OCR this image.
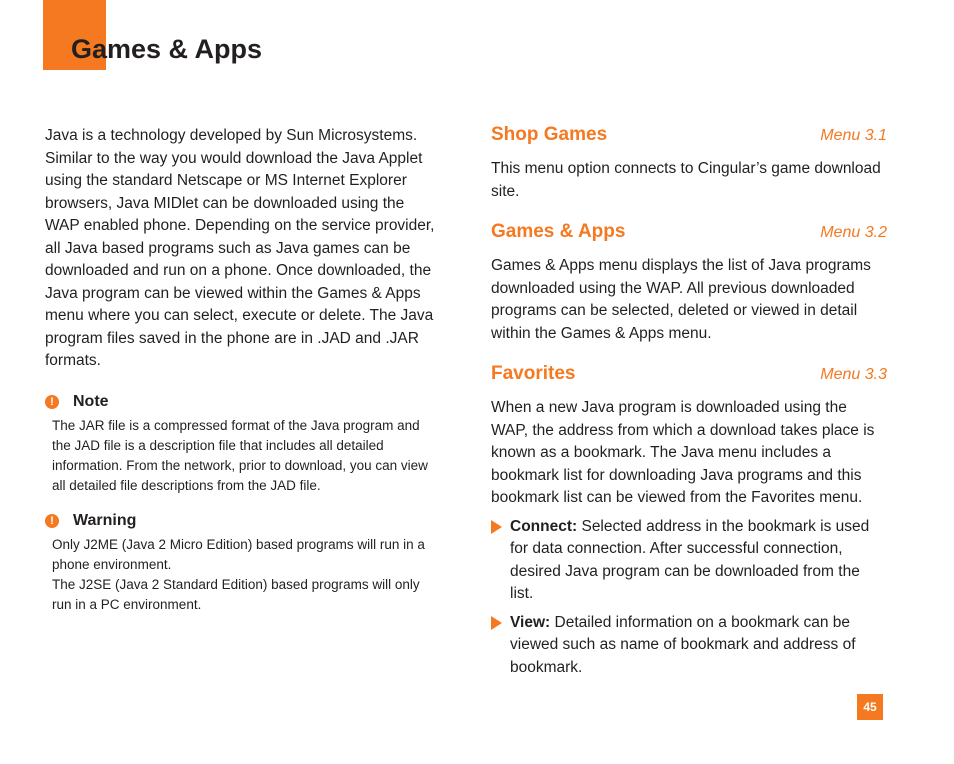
Games & Apps

Java is a technology developed by Sun Microsystems. Similar to the way you would download the Java Applet using the standard Netscape or MS Internet Explorer browsers, Java MIDlet can be downloaded using the WAP enabled phone. Depending on the service provider, all Java based programs such as Java games can be downloaded and run on a phone. Once downloaded, the Java program can be viewed within the Games & Apps menu where you can select, execute or delete. The Java program files saved in the phone are in .JAD and .JAR formats.

!	Note

The JAR file is a compressed format of the Java program and the JAD file is a description file that includes all detailed information. From the network, prior to download, you can view all detailed file descriptions from the JAD file.

!	Warning

Only J2ME (Java 2 Micro Edition) based programs will run in a phone environment.

The J2SE (Java 2 Standard Edition) based programs will only run in a PC environment.

Shop Games	Menu 3.1

This menu option connects to Cingular’s game download site.

Games & Apps	Menu 3.2

Games & Apps menu displays the list of Java programs downloaded using the WAP. All previous downloaded programs can be selected, deleted or viewed in detail within the Games & Apps menu.

Favorites	Menu 3.3

When a new Java program is downloaded using the WAP, the address from which a download takes place is known as a bookmark. The Java menu includes a bookmark list for downloading Java programs and this bookmark list can be viewed from the Favorites menu.

Connect: Selected address in the bookmark is used for data connection. After successful connection, desired Java program can be downloaded from the list.
View: Detailed information on a bookmark can be viewed such as name of bookmark and address of bookmark.
45
